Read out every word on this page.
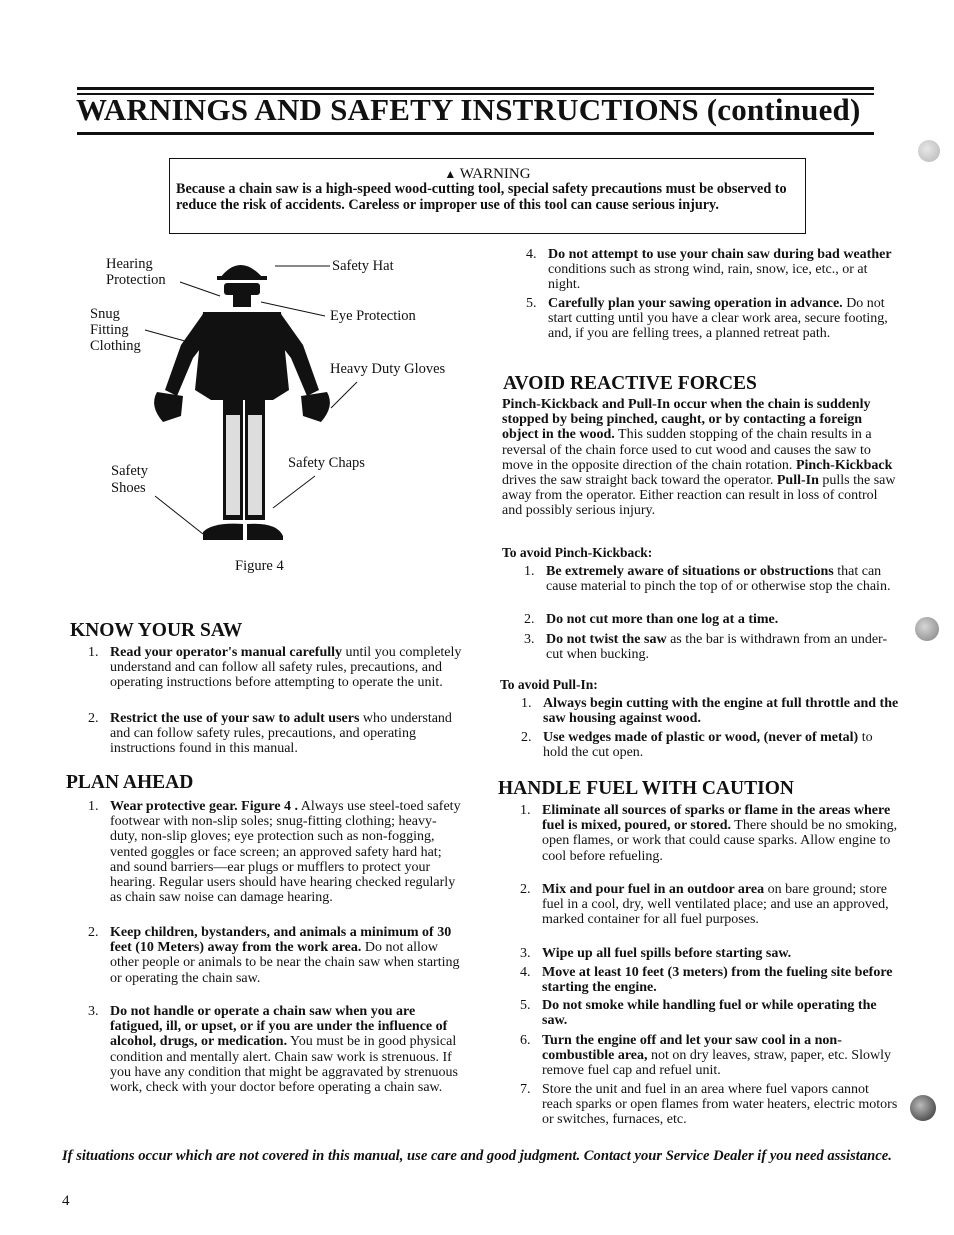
WARNINGS AND SAFETY INSTRUCTIONS (continued)
▲ WARNING
Because a chain saw is a high-speed wood-cutting tool, special safety precautions must be observed to reduce the risk of accidents. Careless or improper use of this tool can cause serious injury.
Hearing
Protection
Safety Hat
Snug
Fitting
Clothing
Eye Protection
Heavy Duty Gloves
Safety
Shoes
Safety Chaps
Figure 4
KNOW YOUR SAW
1. Read your operator's manual carefully until you completely understand and can follow all safety rules, precautions, and operating instructions before attempting to operate the unit.
2. Restrict the use of your saw to adult users who understand and can follow safety rules, precautions, and operating instructions found in this manual.
PLAN AHEAD
1. Wear protective gear. Figure 4 . Always use steel-toed safety footwear with non-slip soles; snug-fitting clothing; heavy-duty, non-slip gloves; eye protection such as non-fogging, vented goggles or face screen; an approved safety hard hat; and sound barriers—ear plugs or mufflers to protect your hearing. Regular users should have hearing checked regularly as chain saw noise can damage hearing.
2. Keep children, bystanders, and animals a minimum of 30 feet (10 Meters) away from the work area. Do not allow other people or animals to be near the chain saw when starting or operating the chain saw.
3. Do not handle or operate a chain saw when you are fatigued, ill, or upset, or if you are under the influence of alcohol, drugs, or medication. You must be in good physical condition and mentally alert. Chain saw work is strenuous. If you have any condition that might be aggravated by strenuous work, check with your doctor before operating a chain saw.
4. Do not attempt to use your chain saw during bad weather conditions such as strong wind, rain, snow, ice, etc., or at night.
5. Carefully plan your sawing operation in advance. Do not start cutting until you have a clear work area, secure footing, and, if you are felling trees, a planned retreat path.
AVOID REACTIVE FORCES
Pinch-Kickback and Pull-In occur when the chain is suddenly stopped by being pinched, caught, or by contacting a foreign object in the wood. This sudden stopping of the chain results in a reversal of the chain force used to cut wood and causes the saw to move in the opposite direction of the chain rotation. Pinch-Kickback drives the saw straight back toward the operator. Pull-In pulls the saw away from the operator. Either reaction can result in loss of control and possibly serious injury.
To avoid Pinch-Kickback:
1. Be extremely aware of situations or obstructions that can cause material to pinch the top of or otherwise stop the chain.
2. Do not cut more than one log at a time.
3. Do not twist the saw as the bar is withdrawn from an under-cut when bucking.
To avoid Pull-In:
1. Always begin cutting with the engine at full throttle and the saw housing against wood.
2. Use wedges made of plastic or wood, (never of metal) to hold the cut open.
HANDLE FUEL WITH CAUTION
1. Eliminate all sources of sparks or flame in the areas where fuel is mixed, poured, or stored. There should be no smoking, open flames, or work that could cause sparks. Allow engine to cool before refueling.
2. Mix and pour fuel in an outdoor area on bare ground; store fuel in a cool, dry, well ventilated place; and use an approved, marked container for all fuel purposes.
3. Wipe up all fuel spills before starting saw.
4. Move at least 10 feet (3 meters) from the fueling site before starting the engine.
5. Do not smoke while handling fuel or while operating the saw.
6. Turn the engine off and let your saw cool in a non-combustible area, not on dry leaves, straw, paper, etc. Slowly remove fuel cap and refuel unit.
7. Store the unit and fuel in an area where fuel vapors cannot reach sparks or open flames from water heaters, electric motors or switches, furnaces, etc.
If situations occur which are not covered in this manual, use care and good judgment. Contact your Service Dealer if you need assistance.
4
